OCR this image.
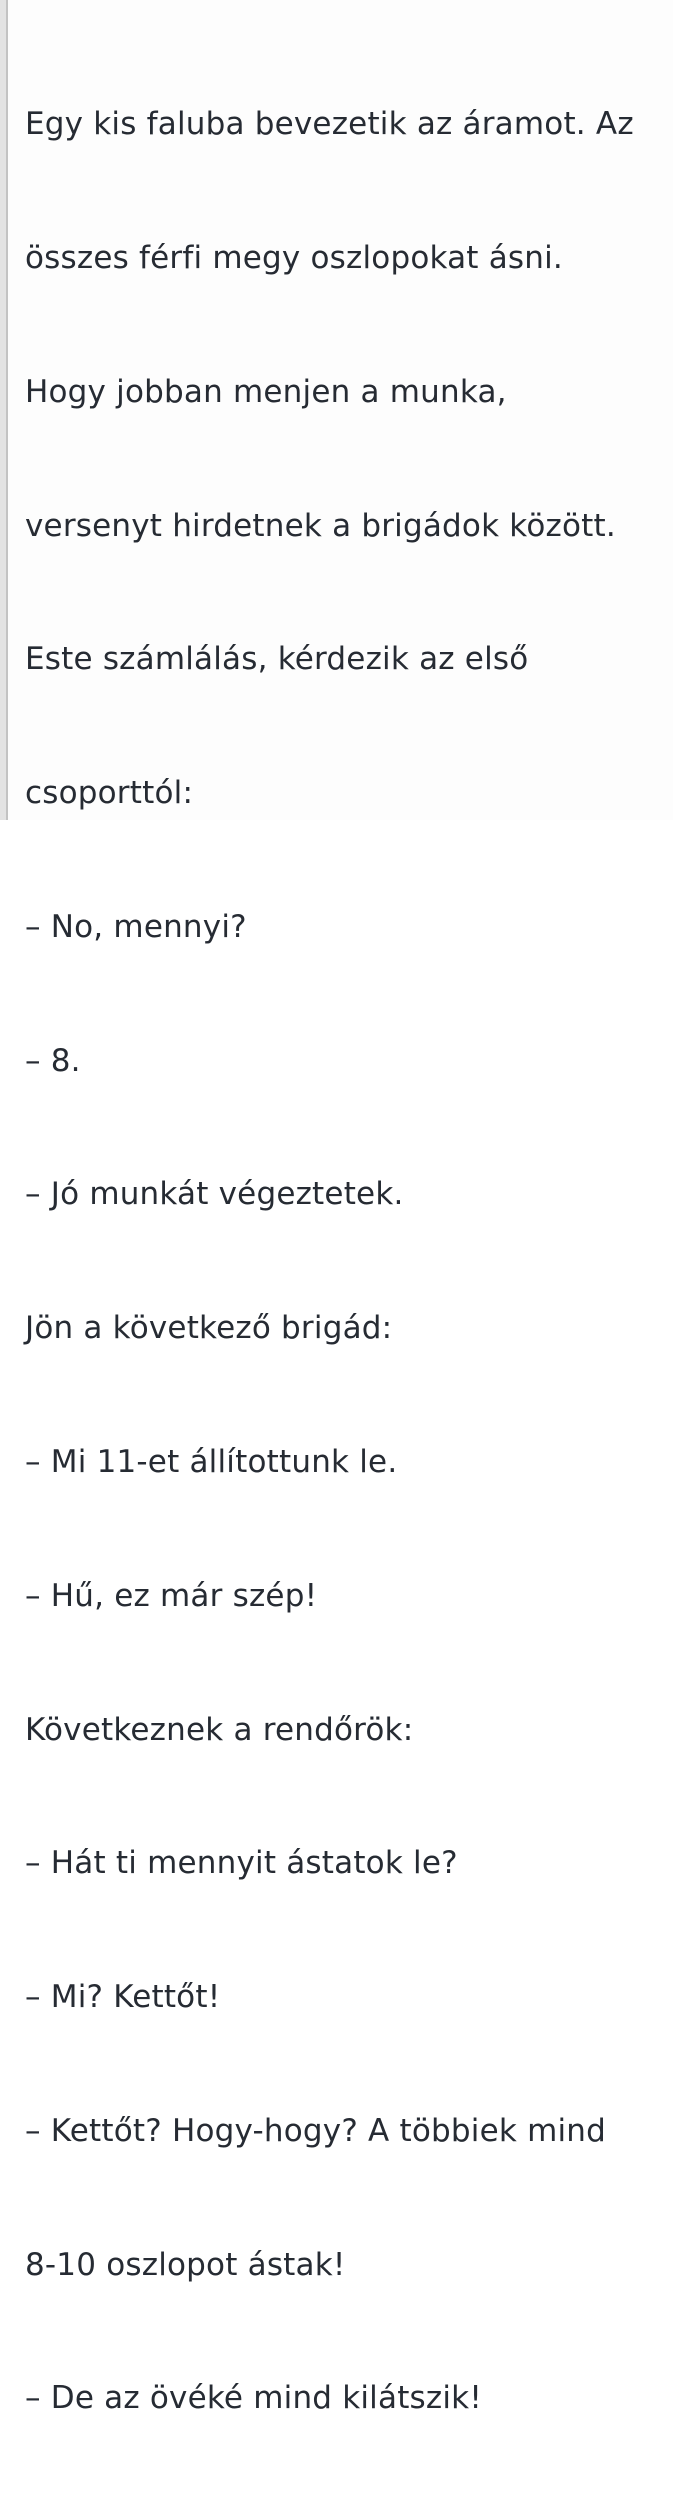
Egy kis faluba bevezetik az áramot. Az

összes férfi megy oszlopokat ásni.

Hogy jobban menjen a munka,

versenyt hirdetnek a brigádok között.

Este számlálás, kérdezik az első

csoporttól:

– No, mennyi?

– 8.

– Jó munkát végeztetek.

Jön a következő brigád:

– Mi 11-et állítottunk le.

– Hű, ez már szép!

Következnek a rendőrök:

– Hát ti mennyit ástatok le?

– Mi? Kettőt!

– Kettőt? Hogy-hogy? A többiek mind

8-10 oszlopot ástak!

– De az övéké mind kilátszik!
